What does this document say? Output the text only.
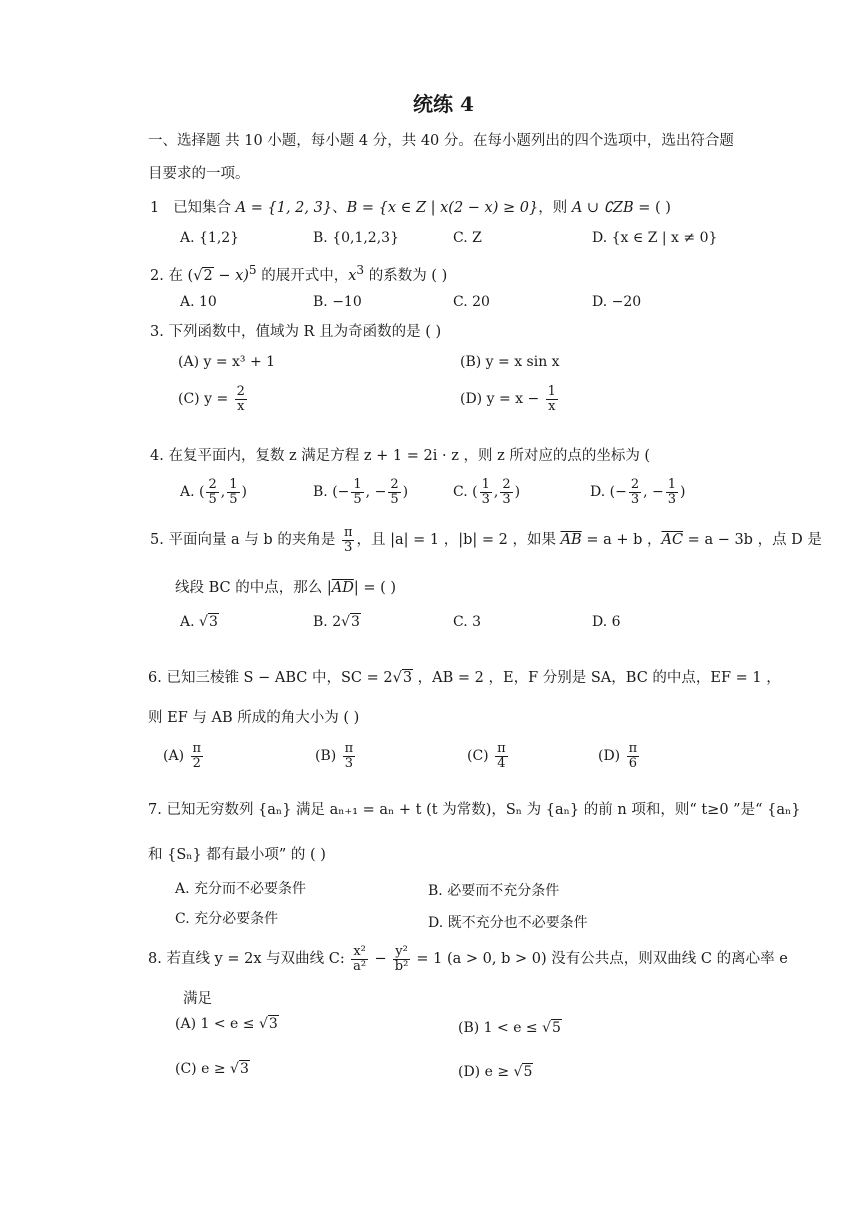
统练 4
一、选择题 共 10 小题，每小题 4 分，共 40 分。在每小题列出的四个选项中，选出符合题
目要求的一项。
1 已知集合 A = {1, 2, 3}、B = {x ∈ Z | x(2 − x) ≥ 0}，则 A ∪ ∁ZB = ( )
A. {1,2}	B. {0,1,2,3}	C. Z	D. {x ∈ Z | x ≠ 0}
2. 在 $(√2 - x)^5$ 的展开式中，$x^3$ 的系数为 ( )
A. 10	B. −10	C. 20	D. −20
3. 下列函数中，值域为 R 且为奇函数的是 ( )
(A) y = x³ + 1	(B) y = x sin x
(C) $y = \frac{2}{x}$	(D) $y = x - \frac{1}{x}$
4. 在复平面内，复数 z 满足方程 z + 1 = 2i · z ，则 z 所对应的点的坐标为 (
A. ( $\frac{2}{5}$ , $\frac{1}{5}$ )	B. (− $\frac{1}{5}$ , − $\frac{2}{5}$ )	C. ( $\frac{1}{3}$ , $\frac{2}{3}$ )	D. (− $\frac{2}{3}$ , − $\frac{1}{3}$ )
5. 平面向量 a 与 b 的夹角是 $\frac{\pi}{3}$ ，且 |a| = 1 ，|b| = 2 ，如果 $\overline{AB} = a + b$ ，$\overline{AC} = a - 3b$ ，点 D 是
线段 BC 的中点，那么 $|\overline{AD}|$ = ( )
A. √3	B. 2√3	C. 3	D. 6
6. 已知三棱锥 S − ABC 中，SC = 2√3 ，AB = 2 ，E，F 分别是 SA，BC 的中点，EF = 1 ，
则 EF 与 AB 所成的角大小为 ( )
$(A) \frac{\pi}{2}$	$(B) \frac{\pi}{3}$	$(C) \frac{\pi}{4}$	$(D) \frac{\pi}{6}$
7. 已知无穷数列 {aₙ} 满足 aₙ₊₁ = aₙ + t (t 为常数)，Sₙ 为 {aₙ} 的前 n 项和，则“ t≥0 ”是“ {aₙ}
和 {Sₙ} 都有最小项” 的 ( )
A. 充分而不必要条件	B. 必要而不充分条件
C. 充分必要条件	D. 既不充分也不必要条件
8. 若直线 y = 2x 与双曲线 C: $\frac{\text{x²}}{\text{a²}} - \frac{\text{y²}}{\text{b²}} = 1$ (a > 0, b > 0) 没有公共点，则双曲线 C 的离心率 e
满足
(A) 1 < e ≤ √3	(B) 1 < e ≤ √5
(C) e ≥ √3	(D) e ≥ √5
